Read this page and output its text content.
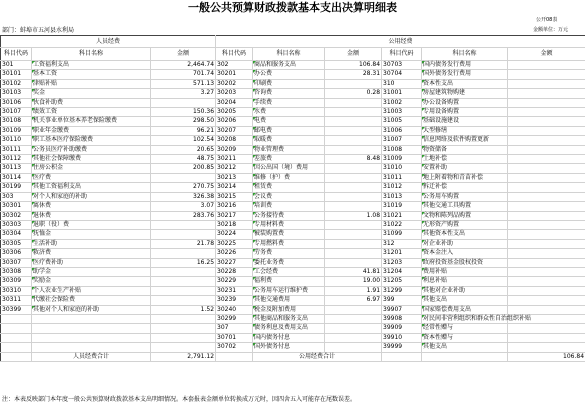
一般公共预算财政拨款基本支出决算明细表
公开08表
部门：蚌埠市五河县水利局	金额单位：万元
人员经费			公用经费					
科目代码	科目名称	金额	科目代码	科目名称	金额	科目代码	科目名称	金额
301	工资福利支出	2,464.74	302	商品和服务支出	106.84	30703	国内债务发行费用	
30101	基本工资	701.74	30201	办公费	28.31	30704	国外债务发行费用	
30102	津贴补贴	571.13	30202	印刷费		310	资本性支出	
30103	奖金	3.27	30203	咨询费	0.28	31001	房屋建筑物购建	
30106	伙食补助费		30204	手续费		31002	办公设备购置	
30107	绩效工资	150.36	30205	水费		31003	专用设备购置	
30108	机关事业单位基本养老保险缴费	298.50	30206	电费		31005	基础设施建设	
30109	职业年金缴费	96.21	30207	邮电费		31006	大型修缮	
30110	职工基本医疗保险缴费	102.54	30208	取暖费		31007	信息网络及软件购置更新	
30111	公务员医疗补助缴费	20.65	30209	物业管理费		31008	物资储备	
30112	其他社会保障缴费	48.75	30211	差旅费	8.48	31009	土地补偿	
30113	住房公积金	200.85	30212	因公出国（境）费用		31010	安置补助	
30114	医疗费		30213	维修（护）费		31011	地上附着物和青苗补偿	
30199	其他工资福利支出	270.75	30214	租赁费		31012	拆迁补偿	
303	对个人和家庭的补助	326.38	30215	会议费		31013	公务用车购置	
30301	离休费	3.07	30216	培训费		31019	其他交通工具购置	
30302	退休费	283.76	30217	公务接待费	1.08	31021	文物和陈列品购置	
30303	退职（役）费		30218	专用材料费		31022	无形资产购置	
30304	抚恤金		30224	被装购置费		31099	其他资本性支出	
30305	生活补助	21.78	30225	专用燃料费		312	对企业补助	
30306	救济费		30226	劳务费		31201	资本金注入	
30307	医疗费补助	16.25	30227	委托业务费		31203	政府投资基金股权投资	
30308	助学金		30228	工会经费	41.81	31204	费用补贴	
30309	奖励金		30229	福利费	19.00	31205	利息补贴	
30310	个人农业生产补贴		30231	公务用车运行维护费	1.91	31299	其他对企业补助	
30311	代缴社会保险费		30239	其他交通费用	6.97	399	其他支出	
30399	其他对个人和家庭的补助	1.52	30240	税金及附加费用		39907	国家赔偿费用支出	
			30299	其他商品和服务支出		39908	对民间非营利组织和群众性自治组织补贴	
			307	债务利息及费用支出		39909	经常性赠与	
			30701	国内债务付息		39910	资本性赠与	
			30702	国外债务付息		39999	其他支出	
	人员经费合计	2,791.12		公用经费合计				106.84
注：本表反映部门本年度一般公共预算财政拨款基本支出明细情况。本套报表金额单位转换成万元时，因四舍五入可能存在尾数误差。
